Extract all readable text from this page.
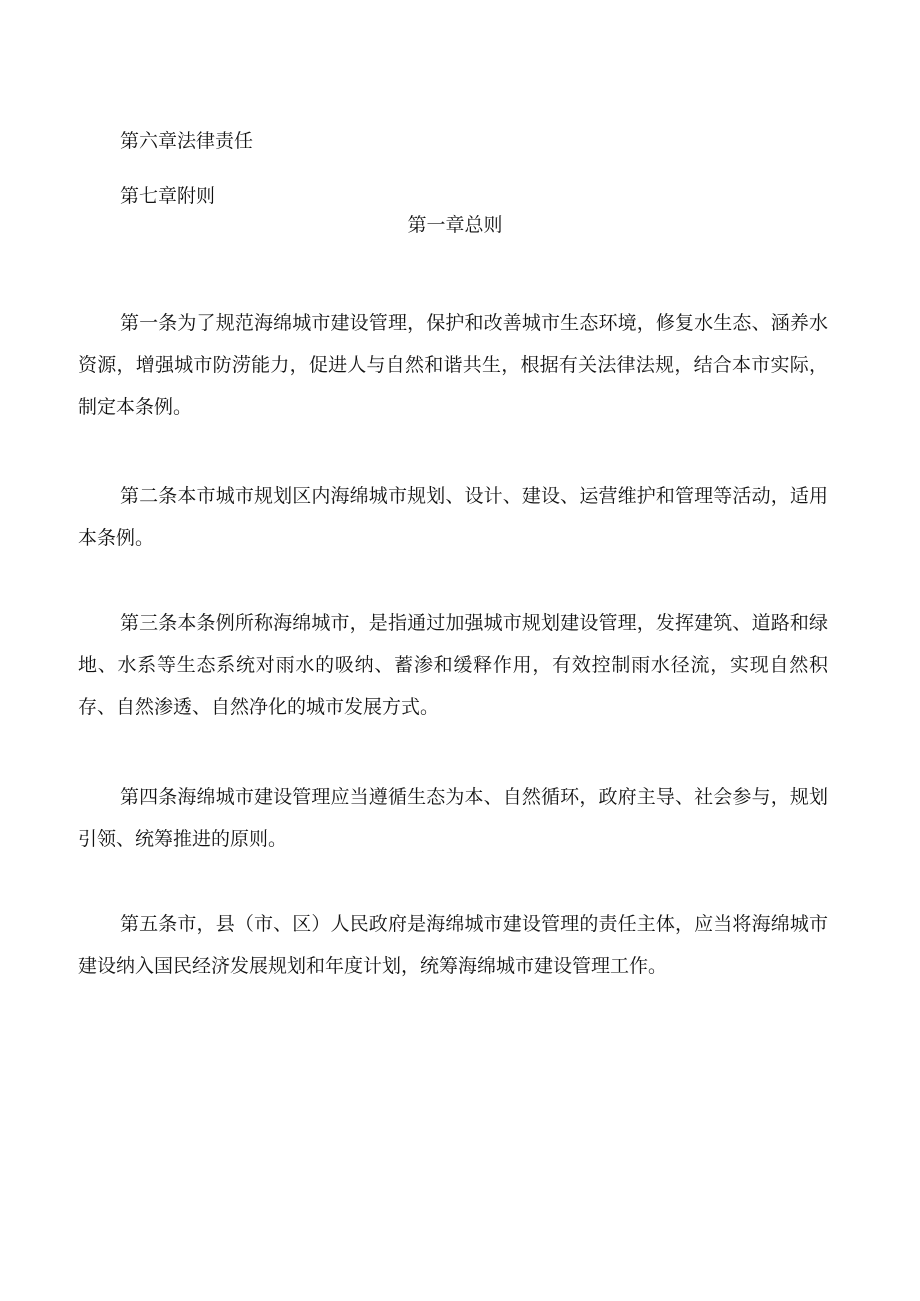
第六章法律责任
第七章附则
第一章总则

第一条为了规范海绵城市建设管理，保护和改善城市生态环境，修复水生态、涵养水资源，增强城市防涝能力，促进人与自然和谐共生，根据有关法律法规，结合本市实际，制定本条例。

第二条本市城市规划区内海绵城市规划、设计、建设、运营维护和管理等活动，适用本条例。

第三条本条例所称海绵城市，是指通过加强城市规划建设管理，发挥建筑、道路和绿地、水系等生态系统对雨水的吸纳、蓄渗和缓释作用，有效控制雨水径流，实现自然积存、自然渗透、自然净化的城市发展方式。

第四条海绵城市建设管理应当遵循生态为本、自然循环，政府主导、社会参与，规划引领、统筹推进的原则。

第五条市，县（市、区）人民政府是海绵城市建设管理的责任主体，应当将海绵城市建设纳入国民经济发展规划和年度计划，统筹海绵城市建设管理工作。
